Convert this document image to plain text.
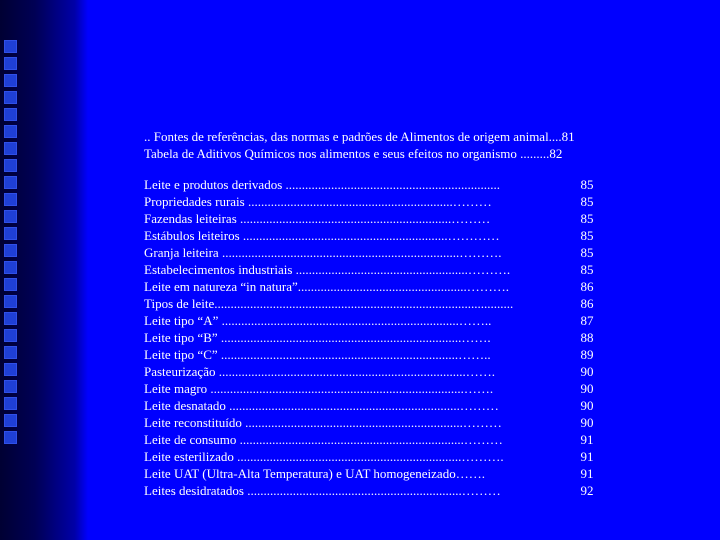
.. Fontes de referências, das normas e padrões de Alimentos de origem animal....81
Tabela de Aditivos Químicos nos alimentos e seus efeitos no organismo .........82
Leite e produtos derivados ..................................................................	85
Propriedades rurais ...............................................................………	85
Fazendas leiteiras .................................................................………	85
Estábulos leiteiros ...............................................................…………	85
Granja leiteira .........................................................................……….	85
Estabelecimentos industriais .....................................................……….	85
Leite em natureza “in natura”....................................................……….	86
Tipos de leite............................................................................................	86
Leite tipo “A” .........................................................................……..	87
Leite tipo “B” ..........................................................................…….	88
Leite tipo “C” .........................................................................……..	89
Pasteurização ............................................................................…….	90
Leite magro ..............................................................................…….	90
Leite desnatado .......................................................................………	90
Leite reconstituído ...................................................................………	90
Leite de consumo .....................................................................………	91
Leite esterilizado .....................................................................……….	91
Leite UAT (Ultra-Alta Temperatura) e UAT homogeneizado…….	91
Leites desidratados ..................................................................………	92
